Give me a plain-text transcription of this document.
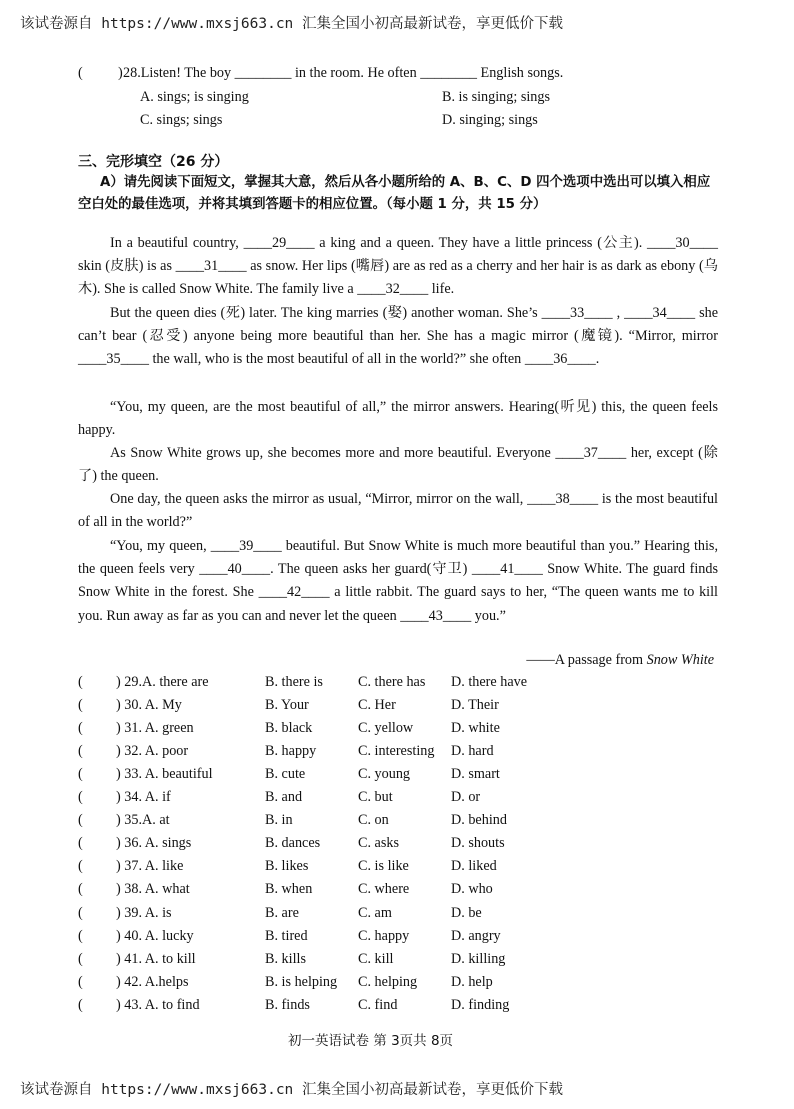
该试卷源自 https://www.mxsj663.cn 汇集全国小初高最新试卷，享更低价下载
( ) 28.Listen! The boy ________ in the room. He often ________ English songs.
A. sings; is singing	B. is singing; sings
C. sings; sings	D. singing; sings
三、完形填空（26 分）
A）请先阅读下面短文，掌握其大意，然后从各小题所给的 A、B、C、D 四个选项中选出可以填入相应空白处的最佳选项，并将其填到答题卡的相应位置。（每小题 1 分，共 15 分）
In a beautiful country, ____29____ a king and a queen. They have a little princess (公主). ____30____ skin (皮肤) is as ____31____ as snow. Her lips (嘴唇) are as red as a cherry and her hair is as dark as ebony (乌木). She is called Snow White. The family live a ____32____ life.
But the queen dies (死) later. The king marries (娶) another woman. She’s ____33____ , ____34____ she can’t bear (忍受) anyone being more beautiful than her. She has a magic mirror (魔镜). “Mirror, mirror ____35____ the wall, who is the most beautiful of all in the world?” she often ____36____.
“You, my queen, are the most beautiful of all,” the mirror answers. Hearing(听见) this, the queen feels happy.
As Snow White grows up, she becomes more and more beautiful. Everyone ____37____ her, except (除了) the queen.
One day, the queen asks the mirror as usual, “Mirror, mirror on the wall, ____38____ is the most beautiful of all in the world?”
“You, my queen, ____39____ beautiful. But Snow White is much more beautiful than you.” Hearing this, the queen feels very ____40____. The queen asks her guard(守卫) ____41____ Snow White. The guard finds Snow White in the forest. She ____42____ a little rabbit. The guard says to her, “The queen wants me to kill you. Run away as far as you can and never let the queen ____43____ you.”
——A passage from Snow White
( ) 29.A. there are	B. there is C. there has D. there have
( ) 30. A. My	B. Your	C. Her	D. Their
( ) 31. A. green	B. black	C. yellow	D. white
( ) 32. A. poor	B. happy	C. interesting D. hard
( ) 33. A. beautiful	B. cute	C. young	D. smart
( ) 34. A. if	B. and	C. but	D. or
( ) 35.A. at	B. in	C. on	D. behind
( ) 36. A. sings	B. dances	C. asks	D. shouts
( ) 37. A. like	B. likes	C. is like	D. liked
( ) 38. A. what	B. when	C. where	D. who
( ) 39. A. is	B. are	C. am	D. be
( ) 40. A. lucky	B. tired	C. happy	D. angry
( ) 41. A. to kill	B. kills	C. kill	D. killing
( ) 42. A.helps	B. is helping C. helping D. help
( ) 43. A. to find	B. finds	C. find	D. finding
初一英语试卷 第 3页共 8页
该试卷源自 https://www.mxsj663.cn 汇集全国小初高最新试卷，享更低价下载
